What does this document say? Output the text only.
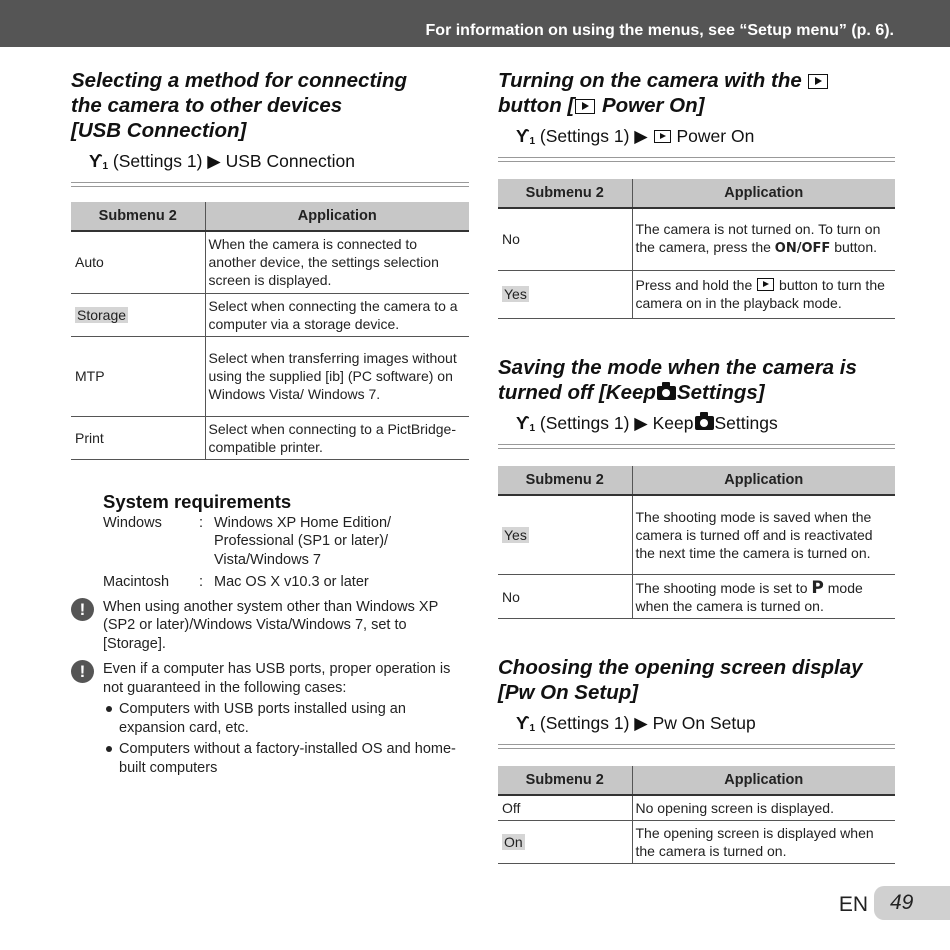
For information on using the menus, see “Setup menu” (p. 6).
Selecting a method for connecting
the camera to other devices
[USB Connection]
$ϒ_1$ (Settings 1) ▶ USB Connection
Submenu 2	Application
Auto	When the camera is connected to another device, the settings selection screen is displayed.
Storage	Select when connecting the camera to a computer via a storage device.
MTP	Select when transferring images without using the supplied [ib] (PC software) on Windows Vista/ Windows 7.
Print	Select when connecting to a PictBridge-compatible printer.
System requirements
Windows	: Windows XP Home Edition/
Professional (SP1 or later)/
Vista/Windows 7
Macintosh	: Mac OS X v10.3 or later
!	When using another system other than Windows XP (SP2 or later)/Windows Vista/Windows 7, set to [Storage].
!	Even if a computer has USB ports, proper operation is not guaranteed in the following cases:
Computers with USB ports installed using an expansion card, etc.
Computers without a factory-installed OS and home-built computers
Turning on the camera with the
button [ Power On]
$ϒ_1$ (Settings 1) ▶ Power On
Submenu 2	Application
No	The camera is not turned on. To turn on the camera, press the ON/OFF button.
Yes	Press and hold the button to turn the camera on in the playback mode.
Saving the mode when the camera is
turned off [Keep Settings]
$ϒ_1$ (Settings 1) ▶ Keep Settings
Submenu 2	Application
Yes	The shooting mode is saved when the camera is turned off and is reactivated the next time the camera is turned on.
No	The shooting mode is set to P mode when the camera is turned on.
Choosing the opening screen display
[Pw On Setup]
$ϒ_1$ (Settings 1) ▶ Pw On Setup
Submenu 2	Application
Off	No opening screen is displayed.
On	The opening screen is displayed when the camera is turned on.
EN 49
